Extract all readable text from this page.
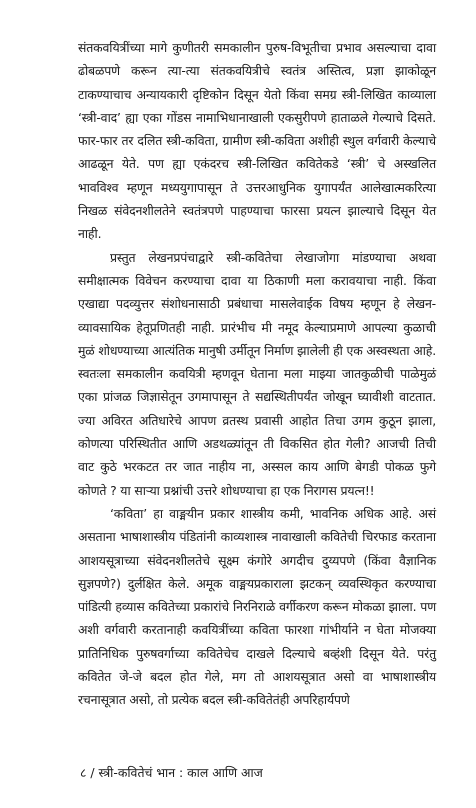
संतकवयित्रींच्या मागे कुणीतरी समकालीन पुरुष-विभूतीचा प्रभाव असल्याचा दावा ढोबळपणे करून त्या-त्या संतकवयित्रीचे स्वतंत्र अस्तित्व, प्रज्ञा झाकोळून टाकण्याचाच अन्यायकारी दृष्टिकोन दिसून येतो किंवा समग्र स्त्री-लिखित काव्याला ‘स्त्री-वाद’ ह्या एका गोंडस नामाभिधानाखाली एकसुरीपणे हाताळले गेल्याचे दिसते. फार-फार तर दलित स्त्री-कविता, ग्रामीण स्त्री-कविता अशीही स्थुल वर्गवारी केल्याचे आढळून येते. पण ह्या एकंदरच स्त्री-लिखित कवितेकडे ‘स्त्री’ चे अस्खलित भावविश्व म्हणून मध्ययुगापासून ते उत्तरआधुनिक युगापर्यंत आलेखात्मकरित्या निखळ संवेदनशीलतेने स्वतंत्रपणे पाहण्याचा फारसा प्रयत्न झाल्याचे दिसून येत नाही.

प्रस्तुत लेखनप्रपंचाद्वारे स्त्री-कवितेचा लेखाजोगा मांडण्याचा अथवा समीक्षात्मक विवेचन करण्याचा दावा या ठिकाणी मला करावयाचा नाही. किंवा एखाद्या पदव्युत्तर संशोधनासाठी प्रबंधाचा मासलेवाईक विषय म्हणून हे लेखन-व्यावसायिक हेतूप्रणितही नाही. प्रारंभीच मी नमूद केल्याप्रमाणे आपल्या कुळाची मुळं शोधण्याच्या आत्यंतिक मानुषी उर्मीतून निर्माण झालेली ही एक अस्वस्थता आहे. स्वतःला समकालीन कवयित्री म्हणवून घेताना मला माझ्या जातकुळीची पाळेमुळं एका प्रांजळ जिज्ञासेतून उगमापासून ते सद्यस्थितीपर्यंत जोखून घ्यावीशी वाटतात. ज्या अविरत अतिधारेचे आपण व्रतस्थ प्रवासी आहोत तिचा उगम कुठून झाला, कोणत्या परिस्थितीत आणि अडथळ्यांतून ती विकसित होत गेली? आजची तिची वाट कुठे भरकटत तर जात नाहीय ना, अस्सल काय आणि बेगडी पोकळ फुगे कोणते ? या साऱ्या प्रश्नांची उत्तरे शोधण्याचा हा एक निरागस प्रयत्न!!

‘कविता’ हा वाङ्मयीन प्रकार शास्त्रीय कमी, भावनिक अधिक आहे. असं असताना भाषाशास्त्रीय पंडितांनी काव्यशास्त्र नावाखाली कवितेची चिरफाड करताना आशयसूत्राच्या संवेदनशीलतेचे सूक्ष्म कंगोरे अगदीच दुय्यपणे (किंवा वैज्ञानिक सुज्ञपणे?) दुर्लक्षित केले. अमूक वाङ्मयप्रकाराला झटकन् व्यवस्थिकृत करण्याचा पांडित्यी हव्यास कवितेच्या प्रकारांचे निरनिराळे वर्गीकरण करून मोकळा झाला. पण अशी वर्गवारी करतानाही कवयित्रींच्या कविता फारशा गांभीर्याने न घेता मोजक्या प्रातिनिधिक पुरुषवर्गाच्या कवितेचेच दाखले दिल्याचे बव्हंशी दिसून येते. परंतु कवितेत जे-जे बदल होत गेले, मग तो आशयसूत्रात असो वा भाषाशास्त्रीय रचनासूत्रात असो, तो प्रत्येक बदल स्त्री-कवितेतंही अपरिहार्यपणे

८ / स्त्री-कवितेचं भान : काल आणि आज
